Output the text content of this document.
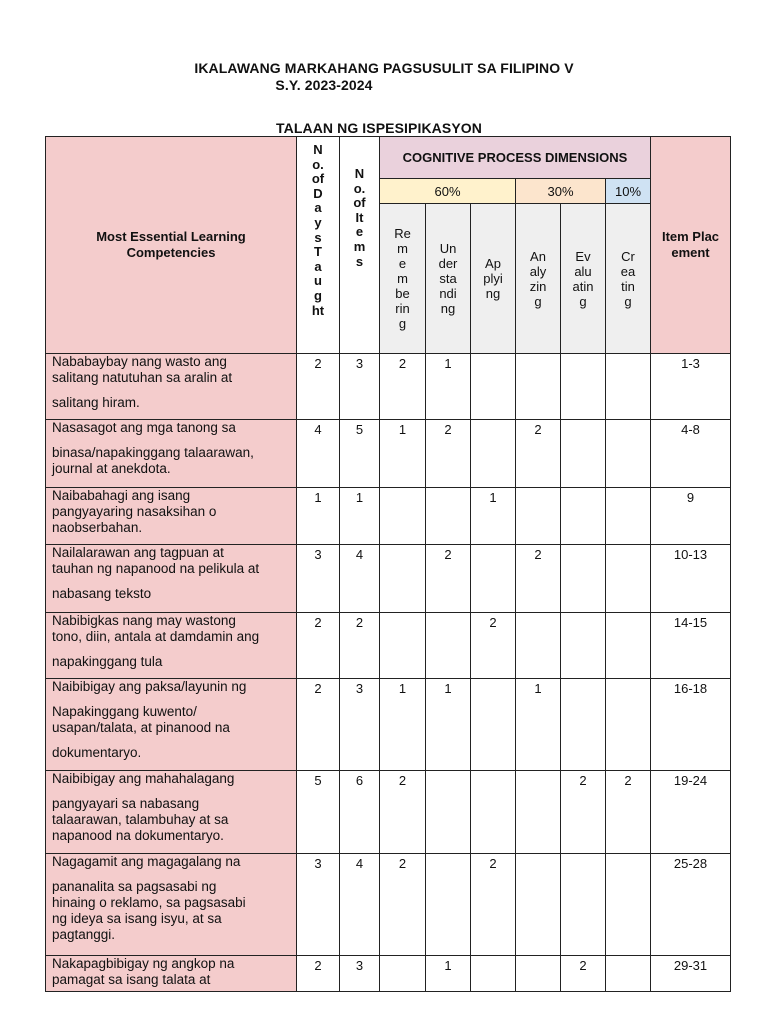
IKALAWANG MARKAHANG PAGSUSULIT SA FILIPINO V
S.Y. 2023-2024
TALAAN NG ISPESIPIKASYON
Most Essential Learning Competencies	No.ofDaysTaught	No.ofItems	COGNITIVE PROCESS DIMENSIONS						Item Placement
			60%			30%		10%	
			Remembering	Understanding	Applying	Analyzing	Evaluating	Creating	

Nababaybay nang wasto ang
salitang natutuhan sa aralin at

salitang hiram.	2	3	2	1					1-3

Nasasagot ang mga tanong sa

binasa/napakinggang talaarawan,
journal at anekdota.	4	5	1	2		2			4-8

Naibabahagi ang isang
pangyayaring nasaksihan o
naobserbahan.	1	1			1				9

Nailalarawan ang tagpuan at
tauhan ng napanood na pelikula at

nabasang teksto	3	4		2		2			10-13

Nabibigkas nang may wastong
tono, diin, antala at damdamin ang

napakinggang tula	2	2			2				14-15

Naibibigay ang paksa/layunin ng

Napakinggang kuwento/
usapan/talata, at pinanood na

dokumentaryo.	2	3	1	1		1			16-18

Naibibigay ang mahahalagang

pangyayari sa nabasang
talaarawan, talambuhay at sa
napanood na dokumentaryo.	5	6	2				2	2	19-24

Nagagamit ang magagalang na

pananalita sa pagsasabi ng
hinaing o reklamo, sa pagsasabi
ng ideya sa isang isyu, at sa
pagtanggi.	3	4	2		2				25-28

Nakapagbibigay ng angkop na
pamagat sa isang talata at	2	3		1			2		29-31
